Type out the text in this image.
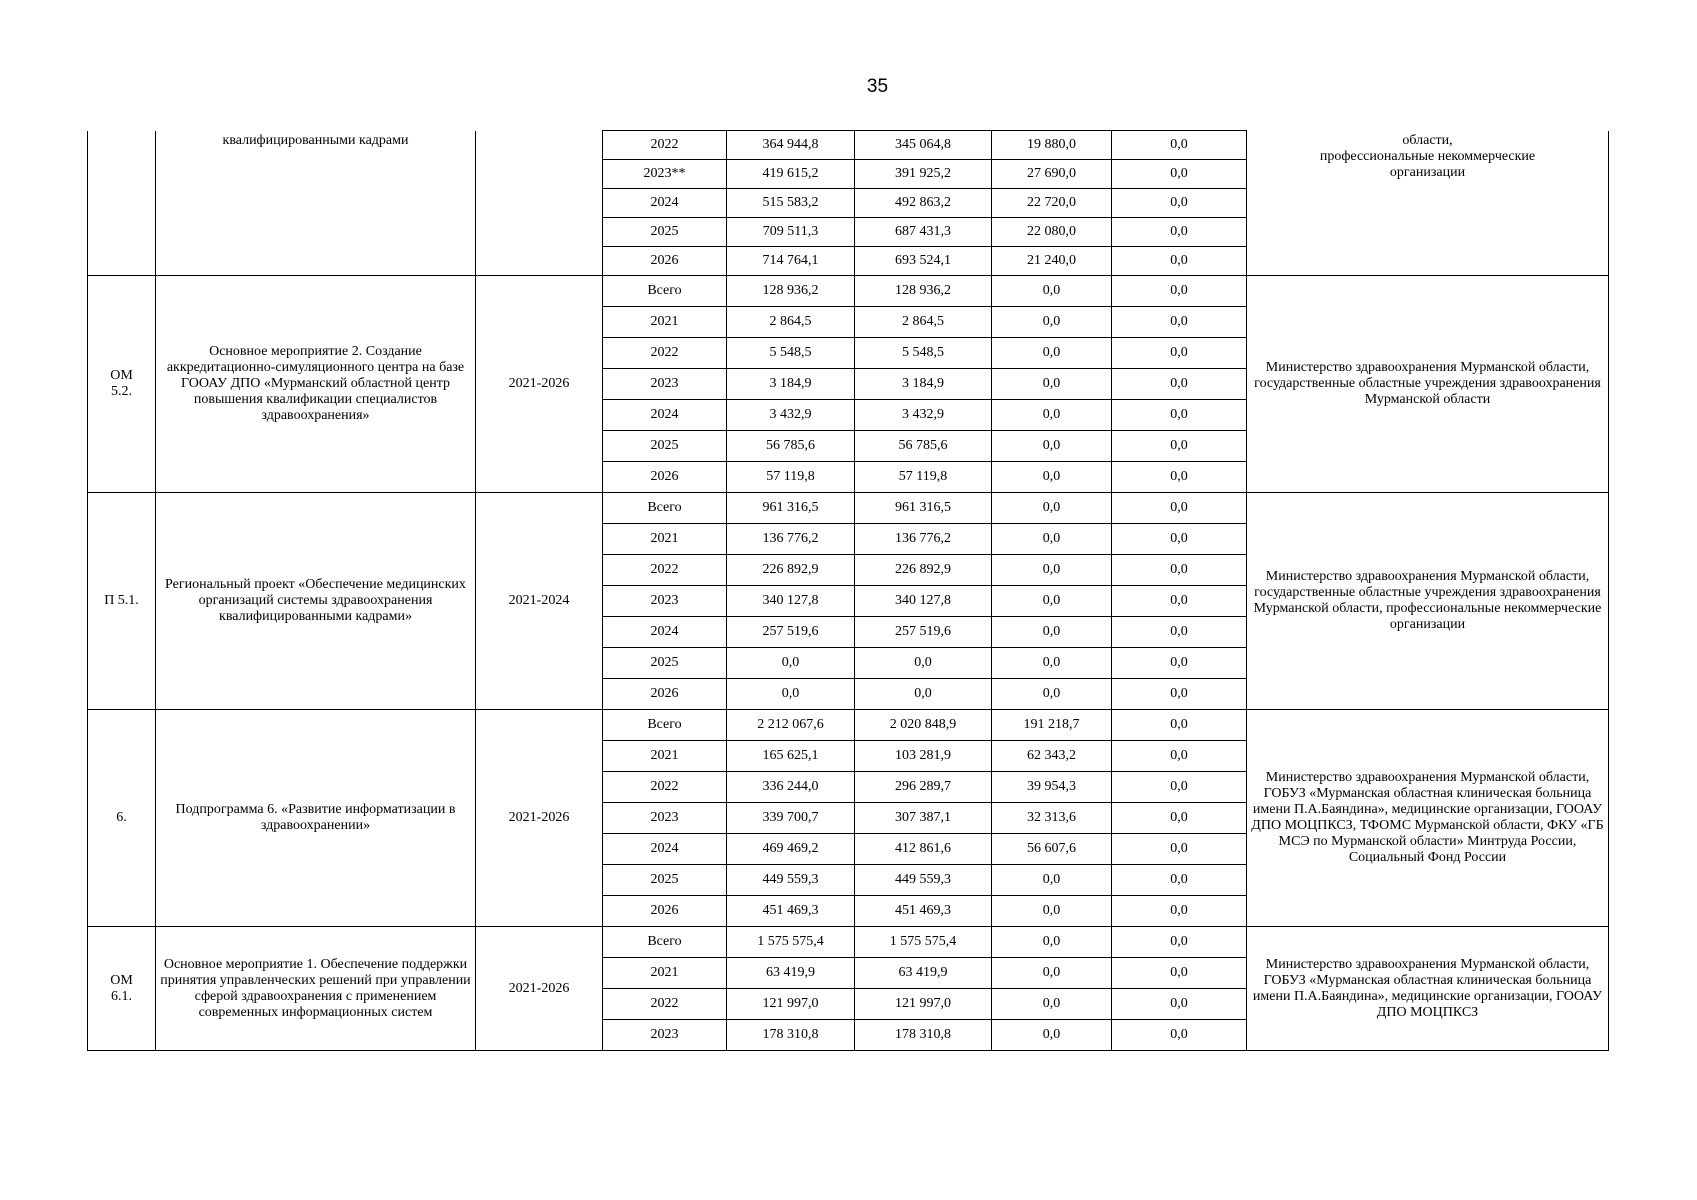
35
	квалифицированными кадрами		2022	364 944,8	345 064,8	19 880,0	0,0	области,
профессиональные некоммерческие
организации
			2023**	419 615,2	391 925,2	27 690,0	0,0	
			2024	515 583,2	492 863,2	22 720,0	0,0	
			2025	709 511,3	687 431,3	22 080,0	0,0	
			2026	714 764,1	693 524,1	21 240,0	0,0	
ОМ
5.2.	Основное мероприятие 2. Создание аккредитационно-симуляционного центра на базе ГООАУ ДПО «Мурманский областной центр повышения квалификации специалистов здравоохранения»	2021-2026	Всего	128 936,2	128 936,2	0,0	0,0	Министерство здравоохранения Мурманской области, государственные областные учреждения здравоохранения Мурманской области
			2021	2 864,5	2 864,5	0,0	0,0	
			2022	5 548,5	5 548,5	0,0	0,0	
			2023	3 184,9	3 184,9	0,0	0,0	
			2024	3 432,9	3 432,9	0,0	0,0	
			2025	56 785,6	56 785,6	0,0	0,0	
			2026	57 119,8	57 119,8	0,0	0,0	
П 5.1.	Региональный проект «Обеспечение медицинских организаций системы здравоохранения квалифицированными кадрами»	2021-2024	Всего	961 316,5	961 316,5	0,0	0,0	Министерство здравоохранения Мурманской области, государственные областные учреждения здравоохранения Мурманской области, профессиональные некоммерческие организации
			2021	136 776,2	136 776,2	0,0	0,0	
			2022	226 892,9	226 892,9	0,0	0,0	
			2023	340 127,8	340 127,8	0,0	0,0	
			2024	257 519,6	257 519,6	0,0	0,0	
			2025	0,0	0,0	0,0	0,0	
			2026	0,0	0,0	0,0	0,0	
6.	Подпрограмма 6. «Развитие информатизации в здравоохранении»	2021-2026	Всего	2 212 067,6	2 020 848,9	191 218,7	0,0	Министерство здравоохранения Мурманской области, ГОБУЗ «Мурманская областная клиническая больница имени П.А.Баяндина», медицинские организации, ГООАУ ДПО МОЦПКСЗ, ТФОМС Мурманской области, ФКУ «ГБ МСЭ по Мурманской области» Минтруда России, Социальный Фонд России
			2021	165 625,1	103 281,9	62 343,2	0,0	
			2022	336 244,0	296 289,7	39 954,3	0,0	
			2023	339 700,7	307 387,1	32 313,6	0,0	
			2024	469 469,2	412 861,6	56 607,6	0,0	
			2025	449 559,3	449 559,3	0,0	0,0	
			2026	451 469,3	451 469,3	0,0	0,0	
ОМ
6.1.	Основное мероприятие 1. Обеспечение поддержки принятия управленческих решений при управлении сферой здравоохранения с применением современных информационных систем	2021-2026	Всего	1 575 575,4	1 575 575,4	0,0	0,0	Министерство здравоохранения Мурманской области, ГОБУЗ «Мурманская областная клиническая больница имени П.А.Баяндина», медицинские организации, ГООАУ ДПО МОЦПКСЗ
			2021	63 419,9	63 419,9	0,0	0,0	
			2022	121 997,0	121 997,0	0,0	0,0	
			2023	178 310,8	178 310,8	0,0	0,0	
